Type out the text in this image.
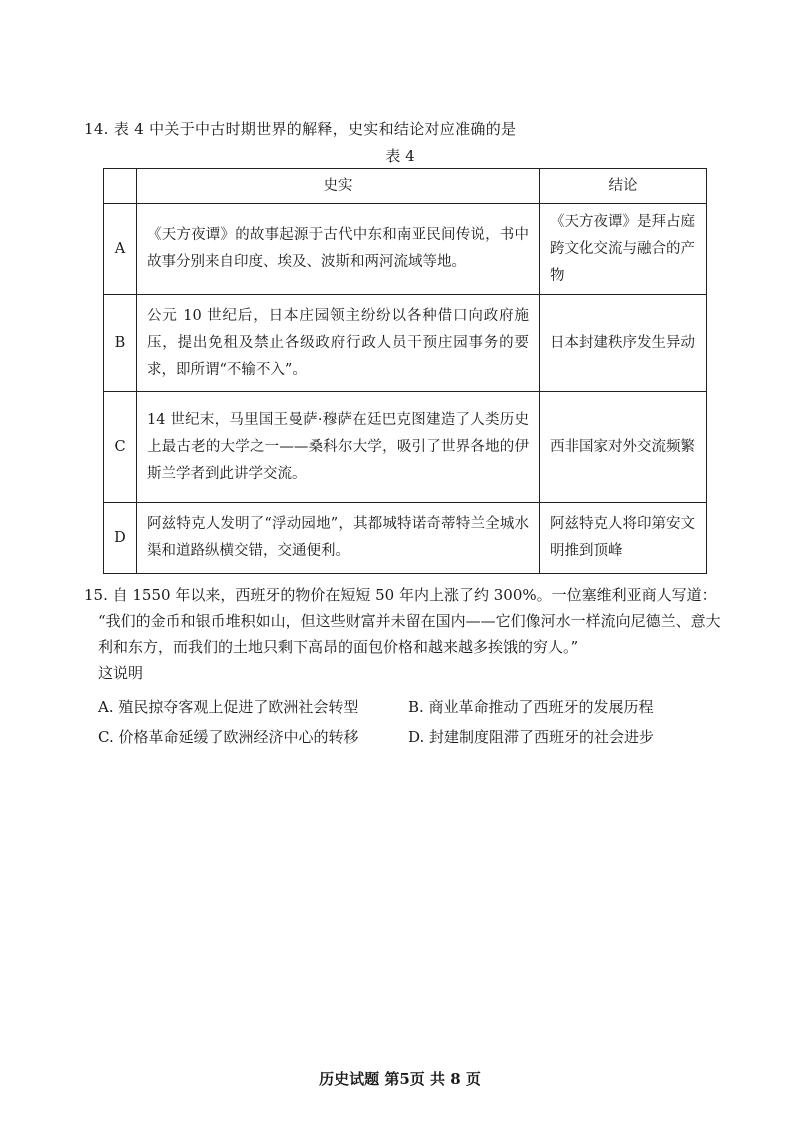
14. 表 4 中关于中古时期世界的解释，史实和结论对应准确的是
表 4
	史实	结论
A	《天方夜谭》的故事起源于古代中东和南亚民间传说，书中故事分别来自印度、埃及、波斯和两河流域等地。	《天方夜谭》是拜占庭跨文化交流与融合的产物
B	公元 10 世纪后，日本庄园领主纷纷以各种借口向政府施压，提出免租及禁止各级政府行政人员干预庄园事务的要求，即所谓“不输不入”。	日本封建秩序发生异动
C	14 世纪末，马里国王曼萨·穆萨在廷巴克图建造了人类历史上最古老的大学之一——桑科尔大学，吸引了世界各地的伊斯兰学者到此讲学交流。	西非国家对外交流频繁
D	阿兹特克人发明了“浮动园地”，其都城特诺奇蒂特兰全城水渠和道路纵横交错，交通便利。	阿兹特克人将印第安文明推到顶峰
15. 自 1550 年以来，西班牙的物价在短短 50 年内上涨了约 300%。一位塞维利亚商人写道：
“我们的金币和银币堆积如山，但这些财富并未留在国内——它们像河水一样流向尼德兰、意大利和东方，而我们的土地只剩下高昂的面包价格和越来越多挨饿的穷人。”
这说明
A. 殖民掠夺客观上促进了欧洲社会转型	B. 商业革命推动了西班牙的发展历程
C. 价格革命延缓了欧洲经济中心的转移	D. 封建制度阻滞了西班牙的社会进步
历史试题 第5页 共 8 页
